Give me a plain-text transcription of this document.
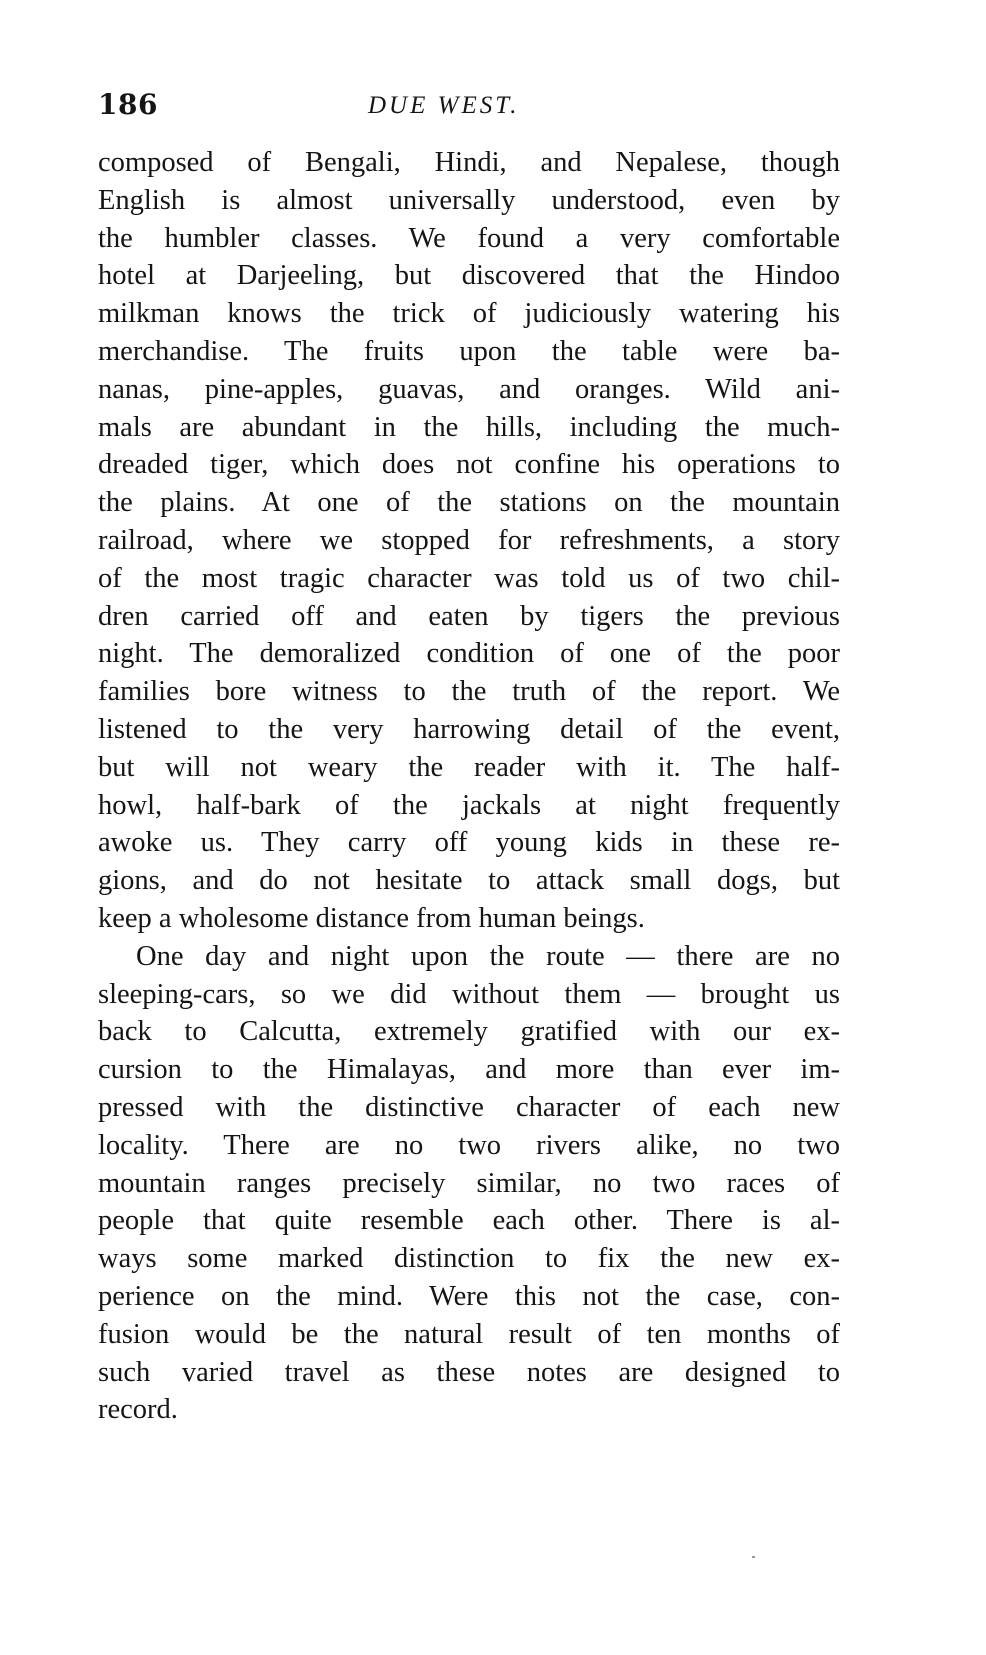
186	DUE WEST.
composed of Bengali, Hindi, and Nepalese, though
English is almost universally understood, even by
the humbler classes. We found a very comfortable
hotel at Darjeeling, but discovered that the Hindoo
milkman knows the trick of judiciously watering his
merchandise. The fruits upon the table were ba-
nanas, pine-apples, guavas, and oranges. Wild ani-
mals are abundant in the hills, including the much-
dreaded tiger, which does not confine his operations to
the plains. At one of the stations on the mountain
railroad, where we stopped for refreshments, a story
of the most tragic character was told us of two chil-
dren carried off and eaten by tigers the previous
night. The demoralized condition of one of the poor
families bore witness to the truth of the report. We
listened to the very harrowing detail of the event,
but will not weary the reader with it. The half-
howl, half-bark of the jackals at night frequently
awoke us. They carry off young kids in these re-
gions, and do not hesitate to attack small dogs, but
keep a wholesome distance from human beings.
One day and night upon the route — there are no
sleeping-cars, so we did without them — brought us
back to Calcutta, extremely gratified with our ex-
cursion to the Himalayas, and more than ever im-
pressed with the distinctive character of each new
locality. There are no two rivers alike, no two
mountain ranges precisely similar, no two races of
people that quite resemble each other. There is al-
ways some marked distinction to fix the new ex-
perience on the mind. Were this not the case, con-
fusion would be the natural result of ten months of
such varied travel as these notes are designed to
record.
